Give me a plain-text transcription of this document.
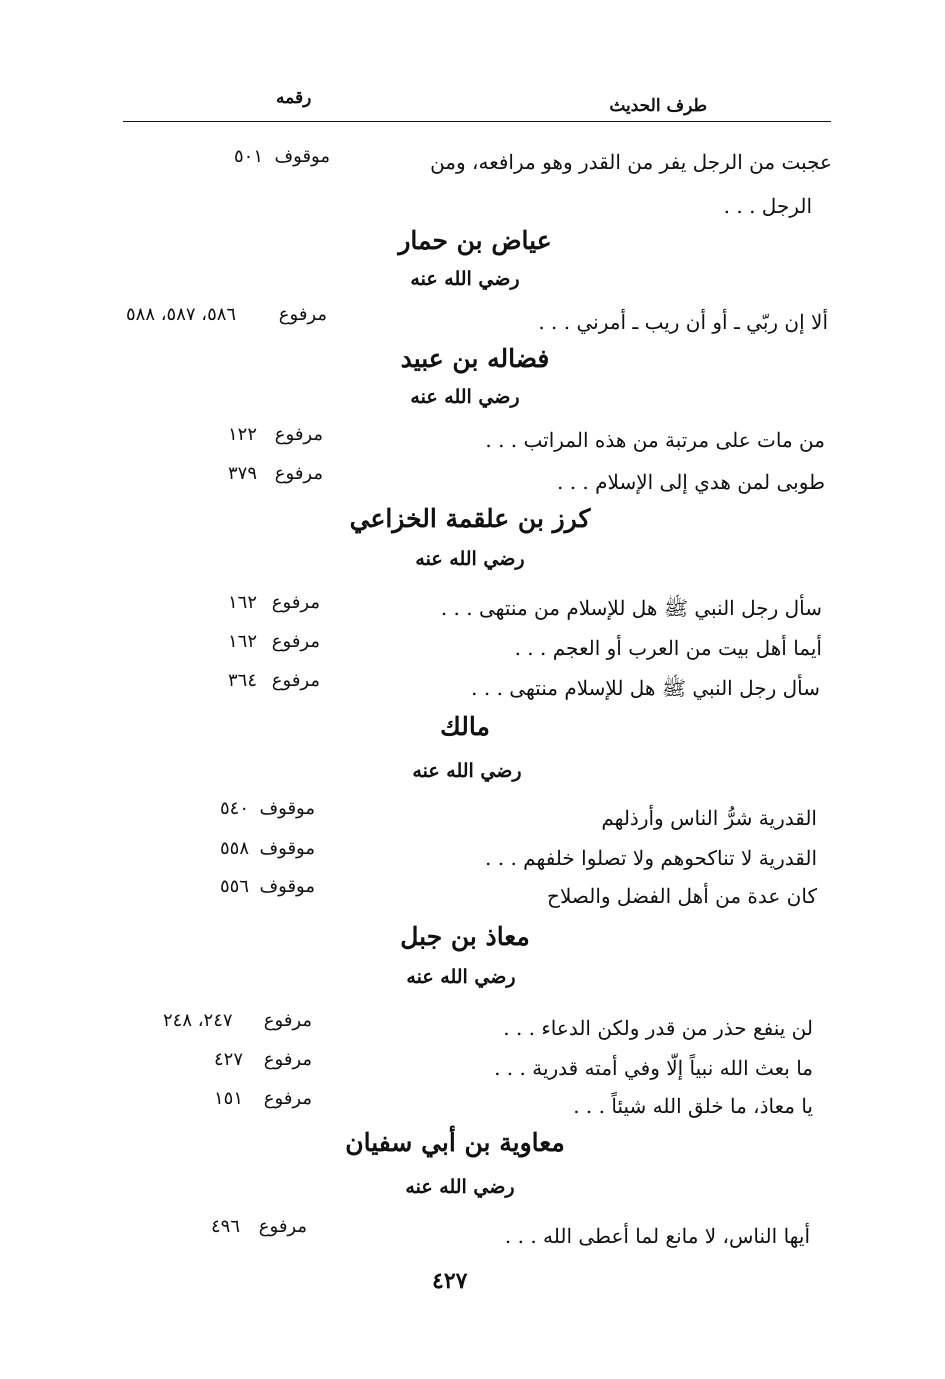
طرف الحديث
رقمه
عجبت من الرجل يفر من القدر وهو مرافعه، ومن
موقوف
٥٠١
الرجل . . .
عياض بن حمار
رضي الله عنه
ألا إن ربّي ـ أو أن ريب ـ أمرني . . .
مرفوع
٥٨٦، ٥٨٧، ٥٨٨
فضاله بن عبيد
رضي الله عنه
من مات على مرتبة من هذه المراتب . . .
مرفوع
١٢٢
طوبى لمن هدي إلى الإسلام . . .
مرفوع
٣٧٩
كرز بن علقمة الخزاعي
رضي الله عنه
سأل رجل النبي ﷺ هل للإسلام من منتهى . . .
مرفوع
١٦٢
أيما أهل بيت من العرب أو العجم . . .
مرفوع
١٦٢
سأل رجل النبي ﷺ هل للإسلام منتهى . . .
مرفوع
٣٦٤
مالك
رضي الله عنه
القدرية شرُّ الناس وأرذلهم
موقوف
٥٤٠
القدرية لا تناكحوهم ولا تصلوا خلفهم . . .
موقوف
٥٥٨
كان عدة من أهل الفضل والصلاح
موقوف
٥٥٦
معاذ بن جبل
رضي الله عنه
لن ينفع حذر من قدر ولكن الدعاء . . .
مرفوع
٢٤٧، ٢٤٨
ما بعث الله نبياً إلّا وفي أمته قدرية . . .
مرفوع
٤٢٧
يا معاذ، ما خلق الله شيئاً . . .
مرفوع
١٥١
معاوية بن أبي سفيان
رضي الله عنه
أيها الناس، لا مانع لما أعطى الله . . .
مرفوع
٤٩٦
٤٢٧
